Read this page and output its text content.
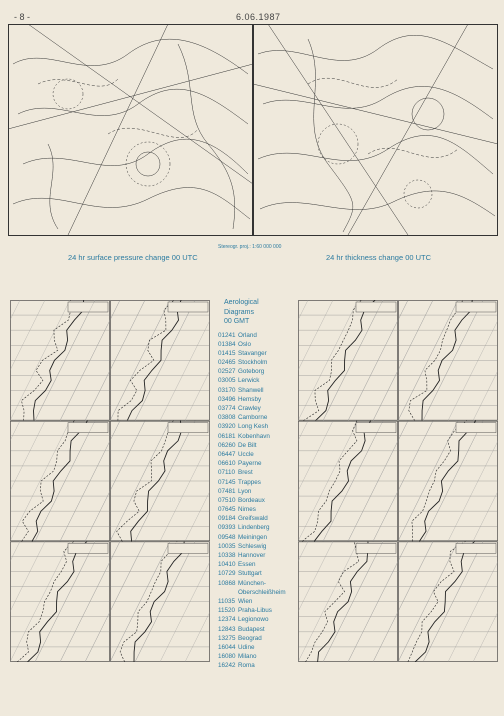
- 8 -	6.06.1987
Stereogr. proj.: 1:60 000 000
24 hr surface pressure change 00 UTC	24 hr thickness change 00 UTC
Aerological
Diagrams
00 GMT
01241 Orland
01384 Oslo
01415 Stavanger
02465 Stockholm
02527 Goteborg
03005 Lerwick
03170 Shanwell
03496 Hemsby
03774 Crawley
03808 Camborne
03920 Long Kesh
06181 Kobenhavn
06260 De Bilt
06447 Uccle
06610 Payerne
07110 Brest
07145 Trappes
07481 Lyon
07510 Bordeaux
07645 Nimes
09184 Greifswald
09393 Lindenberg
09548 Meiningen
10035 Schleswig
10338 Hannover
10410 Essen
10729 Stuttgart
10868 München-
Oberschleißheim
11035 Wien
11520 Praha-Libus
12374 Legionowo
12843 Budapest
13275 Beograd
16044 Udine
16080 Milano
16242 Roma
